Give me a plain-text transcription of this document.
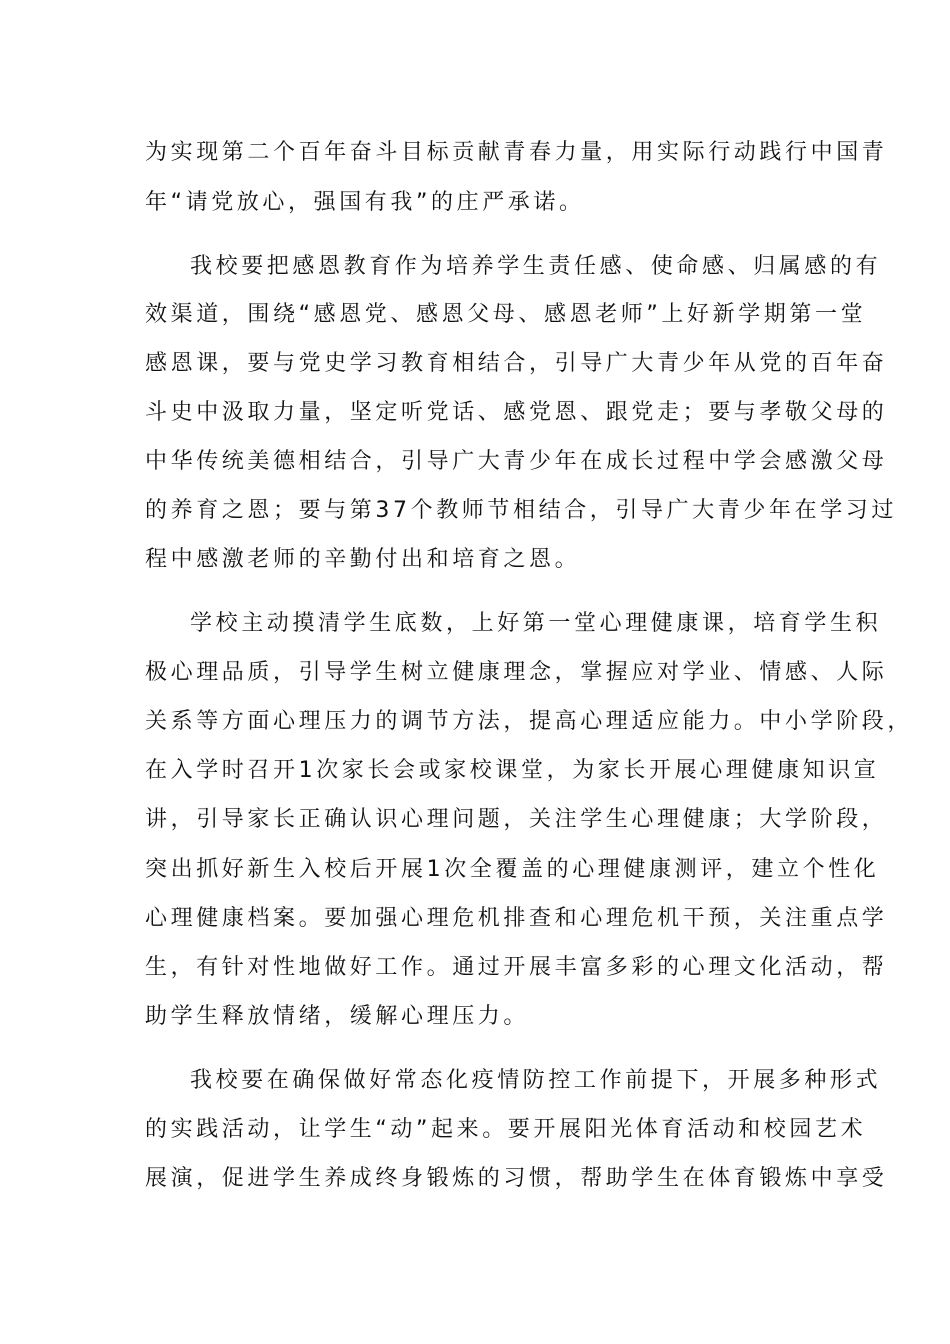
为实现第二个百年奋斗目标贡献青春力量，用实际行动践行中国青
年“请党放心，强国有我”的庄严承诺。
我校要把感恩教育作为培养学生责任感、使命感、归属感的有
效渠道，围绕“感恩党、感恩父母、感恩老师”上好新学期第一堂
感恩课，要与党史学习教育相结合，引导广大青少年从党的百年奋
斗史中汲取力量，坚定听党话、感党恩、跟党走；要与孝敬父母的
中华传统美德相结合，引导广大青少年在成长过程中学会感激父母
的养育之恩；要与第37个教师节相结合，引导广大青少年在学习过
程中感激老师的辛勤付出和培育之恩。
学校主动摸清学生底数，上好第一堂心理健康课，培育学生积
极心理品质，引导学生树立健康理念，掌握应对学业、情感、人际
关系等方面心理压力的调节方法，提高心理适应能力。中小学阶段，
在入学时召开1次家长会或家校课堂，为家长开展心理健康知识宣
讲，引导家长正确认识心理问题，关注学生心理健康；大学阶段，
突出抓好新生入校后开展1次全覆盖的心理健康测评，建立个性化
心理健康档案。要加强心理危机排查和心理危机干预，关注重点学
生，有针对性地做好工作。通过开展丰富多彩的心理文化活动，帮
助学生释放情绪，缓解心理压力。
我校要在确保做好常态化疫情防控工作前提下，开展多种形式
的实践活动，让学生“动”起来。要开展阳光体育活动和校园艺术
展演，促进学生养成终身锻炼的习惯，帮助学生在体育锻炼中享受
